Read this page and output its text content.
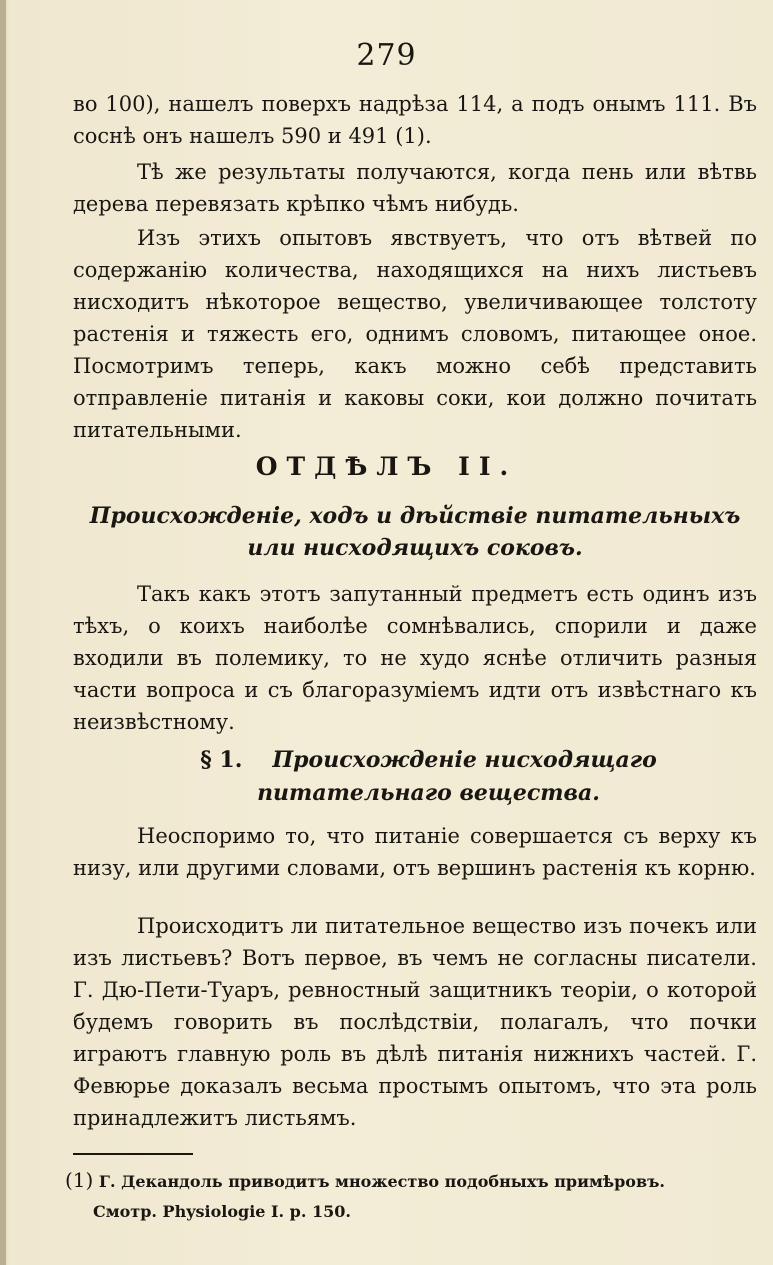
279

во 100), нашелъ поверхъ надрѣза 114, а подъ онымъ 111. Въ соснѣ онъ нашелъ 590 и 491 (1).

Тѣ же результаты получаются, когда пень или вѣтвь дерева перевязать крѣпко чѣмъ нибудь.

Изъ этихъ опытовъ явствуетъ, что отъ вѣтвей по содержанію количества, находящихся на нихъ листьевъ нисходитъ нѣкоторое вещество, увеличивающее толстоту растенія и тяжесть его, однимъ словомъ, питающее оное. Посмотримъ теперь, какъ можно себѣ представить отправленіе питанія и каковы соки, кои должно почитать питательными.

ОТДѢЛЪ II.
Происхожденіе, ходъ и дѣйствіе питательныхъ или нисходящихъ соковъ.

Такъ какъ этотъ запутанный предметъ есть одинъ изъ тѣхъ, о коихъ наиболѣе сомнѣвались, спорили и даже входили въ полемику, то не худо яснѣе отличить разныя части вопроса и съ благоразуміемъ идти отъ извѣстнаго къ неизвѣстному.

§ 1. Происхожденіе нисходящаго питательнаго вещества.

Неоспоримо то, что питаніе совершается съ верху къ низу, или другими словами, отъ вершинъ растенія къ корню.

Происходитъ ли питательное вещество изъ почекъ или изъ листьевъ? Вотъ первое, въ чемъ не согласны писатели. Г. Дю-Пети-Туаръ, ревностный защитникъ теоріи, о которой будемъ говорить въ послѣдствіи, полагалъ, что почки играютъ главную роль въ дѣлѣ питанія нижнихъ частей. Г. Февюрье доказалъ весьма простымъ опытомъ, что эта роль принадлежитъ листьямъ.

(1) Г. Декандоль приводитъ множество подобныхъ примѣровъ.
Смотр. Physiologie I. p. 150.
